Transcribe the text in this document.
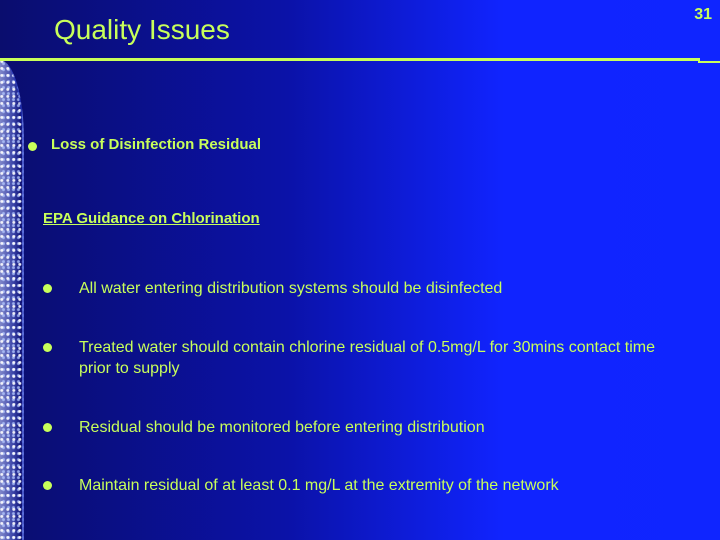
Quality Issues	31
Loss of Disinfection Residual
EPA Guidance on Chlorination
All water entering distribution systems should be disinfected
Treated water should contain chlorine residual of 0.5mg/L for 30mins contact time prior to supply
Residual should be monitored before entering distribution
Maintain residual of at least 0.1 mg/L at the extremity of the network
